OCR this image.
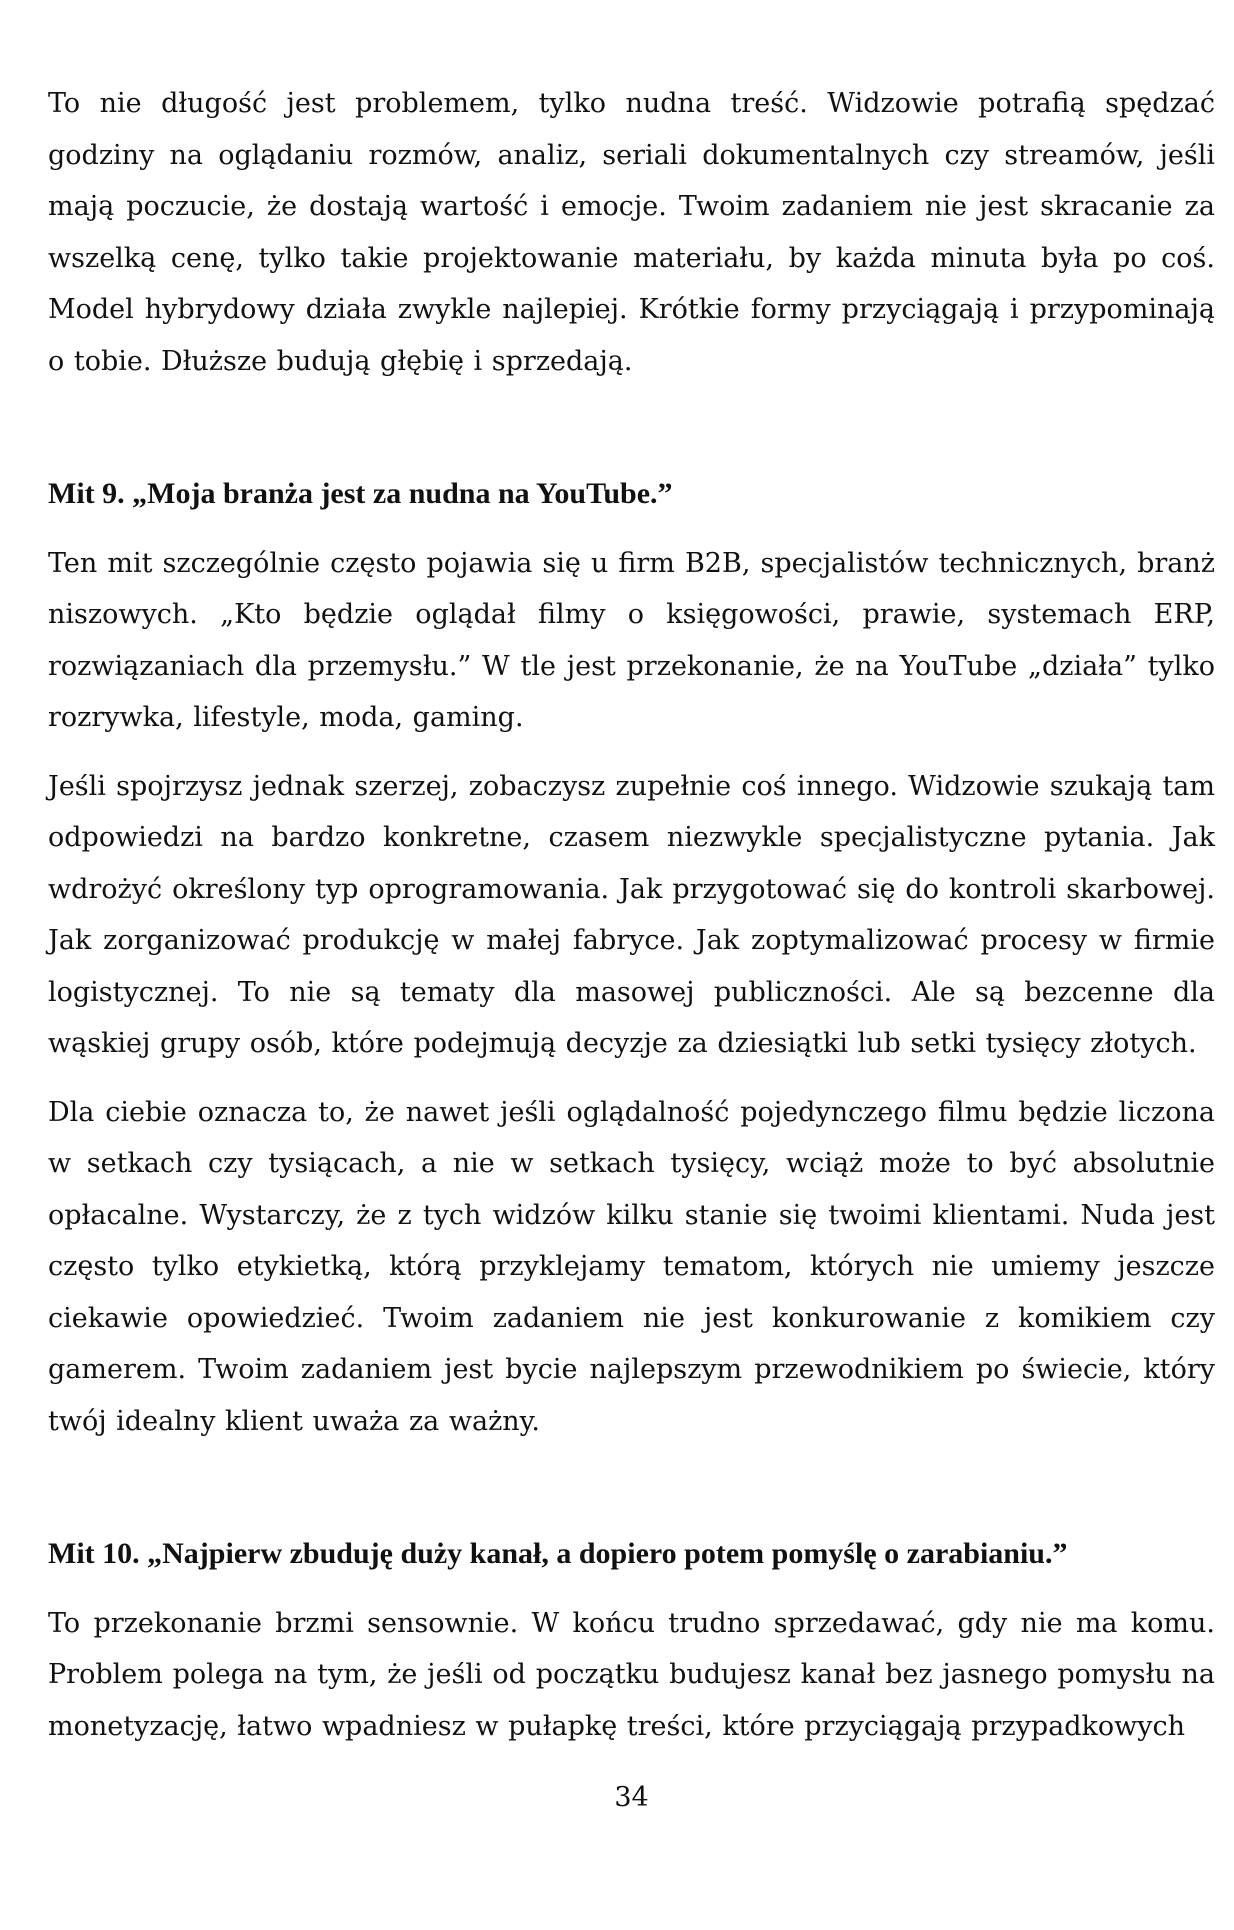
To nie długość jest problemem, tylko nudna treść. Widzowie potrafią spędzać godziny na oglądaniu rozmów, analiz, seriali dokumentalnych czy streamów, jeśli mają poczucie, że dostają wartość i emocje. Twoim zadaniem nie jest skracanie za wszelką cenę, tylko takie projektowanie materiału, by każda minuta była po coś. Model hybrydowy działa zwykle najlepiej. Krótkie formy przyciągają i przypominają o tobie. Dłuższe budują głębię i sprzedają.

Mit 9. „Moja branża jest za nudna na YouTube.”

Ten mit szczególnie często pojawia się u firm B2B, specjalistów technicznych, branż niszowych. „Kto będzie oglądał filmy o księgowości, prawie, systemach ERP, rozwiązaniach dla przemysłu.” W tle jest przekonanie, że na YouTube „działa” tylko rozrywka, lifestyle, moda, gaming.

Jeśli spojrzysz jednak szerzej, zobaczysz zupełnie coś innego. Widzowie szukają tam odpowiedzi na bardzo konkretne, czasem niezwykle specjalistyczne pytania. Jak wdrożyć określony typ oprogramowania. Jak przygotować się do kontroli skarbowej. Jak zorganizować produkcję w małej fabryce. Jak zoptymalizować procesy w firmie logistycznej. To nie są tematy dla masowej publiczności. Ale są bezcenne dla wąskiej grupy osób, które podejmują decyzje za dziesiątki lub setki tysięcy złotych.

Dla ciebie oznacza to, że nawet jeśli oglądalność pojedynczego filmu będzie liczona w setkach czy tysiącach, a nie w setkach tysięcy, wciąż może to być absolutnie opłacalne. Wystarczy, że z tych widzów kilku stanie się twoimi klientami. Nuda jest często tylko etykietką, którą przyklejamy tematom, których nie umiemy jeszcze ciekawie opowiedzieć. Twoim zadaniem nie jest konkurowanie z komikiem czy gamerem. Twoim zadaniem jest bycie najlepszym przewodnikiem po świecie, który twój idealny klient uważa za ważny.

Mit 10. „Najpierw zbuduję duży kanał, a dopiero potem pomyślę o zarabianiu.”

To przekonanie brzmi sensownie. W końcu trudno sprzedawać, gdy nie ma komu. Problem polega na tym, że jeśli od początku budujesz kanał bez jasnego pomysłu na monetyzację, łatwo wpadniesz w pułapkę treści, które przyciągają przypadkowych

34
